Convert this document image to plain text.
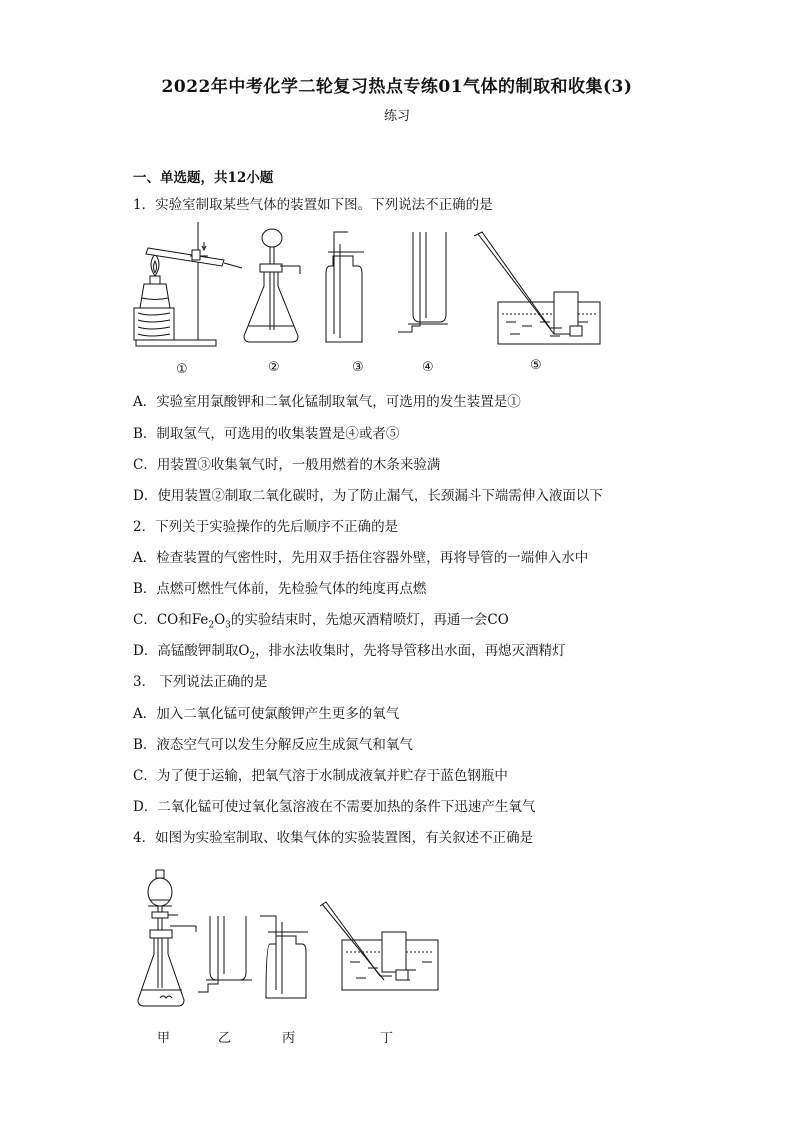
2022年中考化学二轮复习热点专练01气体的制取和收集(3)
练习
一、单选题，共12小题
1．实验室制取某些气体的装置如下图。下列说法不正确的是
①	②	③	④	⑤
A．实验室用氯酸钾和二氧化锰制取氧气，可选用的发生装置是①
B．制取氢气，可选用的收集装置是④或者⑤
C．用装置③收集氧气时，一般用燃着的木条来验满
D．使用装置②制取二氧化碳时，为了防止漏气，长颈漏斗下端需伸入液面以下
2．下列关于实验操作的先后顺序不正确的是
A．检查装置的气密性时，先用双手捂住容器外壁，再将导管的一端伸入水中
B．点燃可燃性气体前，先检验气体的纯度再点燃
C．CO和$Fe_2O_3$的实验结束时，先熄灭酒精喷灯，再通一会CO
D．高锰酸钾制取$O_2$，排水法收集时，先将导管移出水面，再熄灭酒精灯
3． 下列说法正确的是
A．加入二氧化锰可使氯酸钾产生更多的氧气
B．液态空气可以发生分解反应生成氮气和氧气
C．为了便于运输，把氧气溶于水制成液氧并贮存于蓝色钢瓶中
D．二氧化锰可使过氧化氢溶液在不需要加热的条件下迅速产生氧气
4．如图为实验室制取、收集气体的实验装置图，有关叙述不正确是
甲	乙	丙	丁
